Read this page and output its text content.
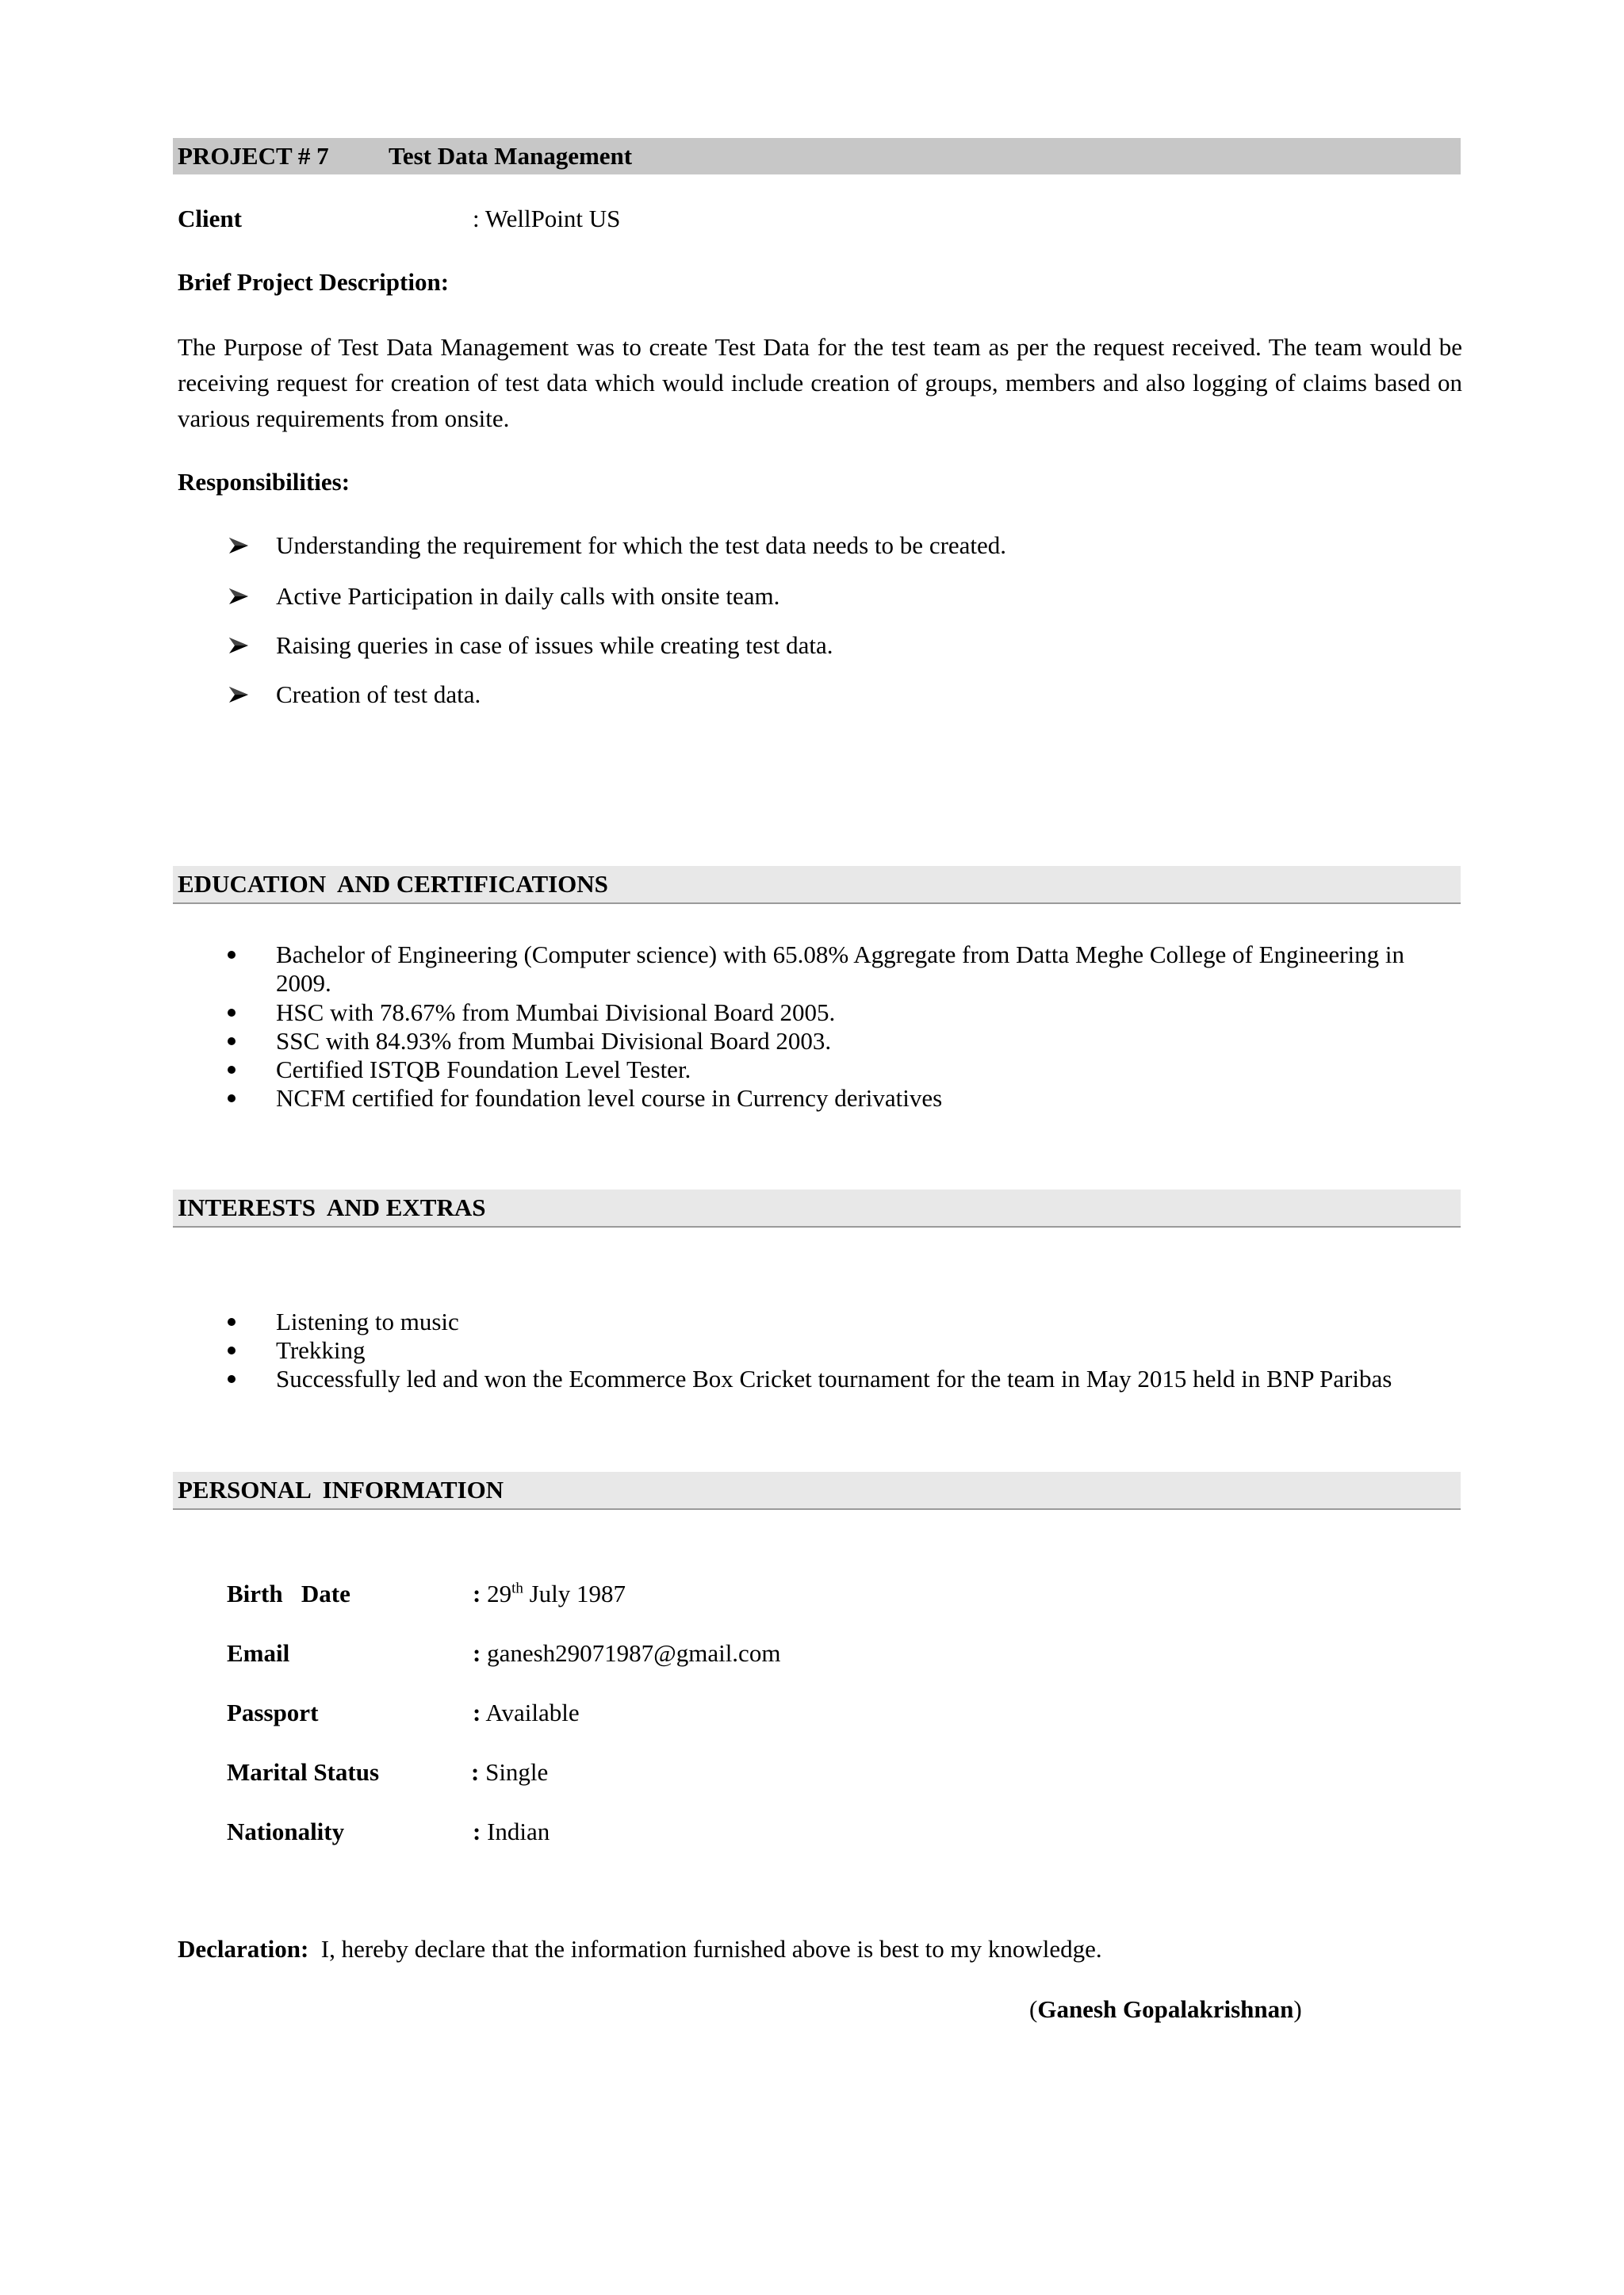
PROJECT # 7 Test Data Management
Client	: WellPoint US
Brief Project Description:
The Purpose of Test Data Management was to create Test Data for the test team as per the request received. The team would be receiving request for creation of test data which would include creation of groups, members and also logging of claims based on various requirements from onsite.
Responsibilities:
Understanding the requirement for which the test data needs to be created.
Active Participation in daily calls with onsite team.
Raising queries in case of issues while creating test data.
Creation of test data.
EDUCATION  AND CERTIFICATIONS
Bachelor of Engineering (Computer science) with 65.08% Aggregate from Datta Meghe College of Engineering in 2009.
HSC with 78.67% from Mumbai Divisional Board 2005.
SSC with 84.93% from Mumbai Divisional Board 2003.
Certified ISTQB Foundation Level Tester.
NCFM certified for foundation level course in Currency derivatives
INTERESTS  AND EXTRAS
Listening to music
Trekking
Successfully led and won the Ecommerce Box Cricket tournament for the team in May 2015 held in BNP Paribas
PERSONAL  INFORMATION
Birth   Date	: 29th July 1987
Email	: ganesh29071987@gmail.com
Passport	: Available
Marital Status	: Single
Nationality	: Indian
Declaration: I, hereby declare that the information furnished above is best to my knowledge.
(Ganesh Gopalakrishnan)
